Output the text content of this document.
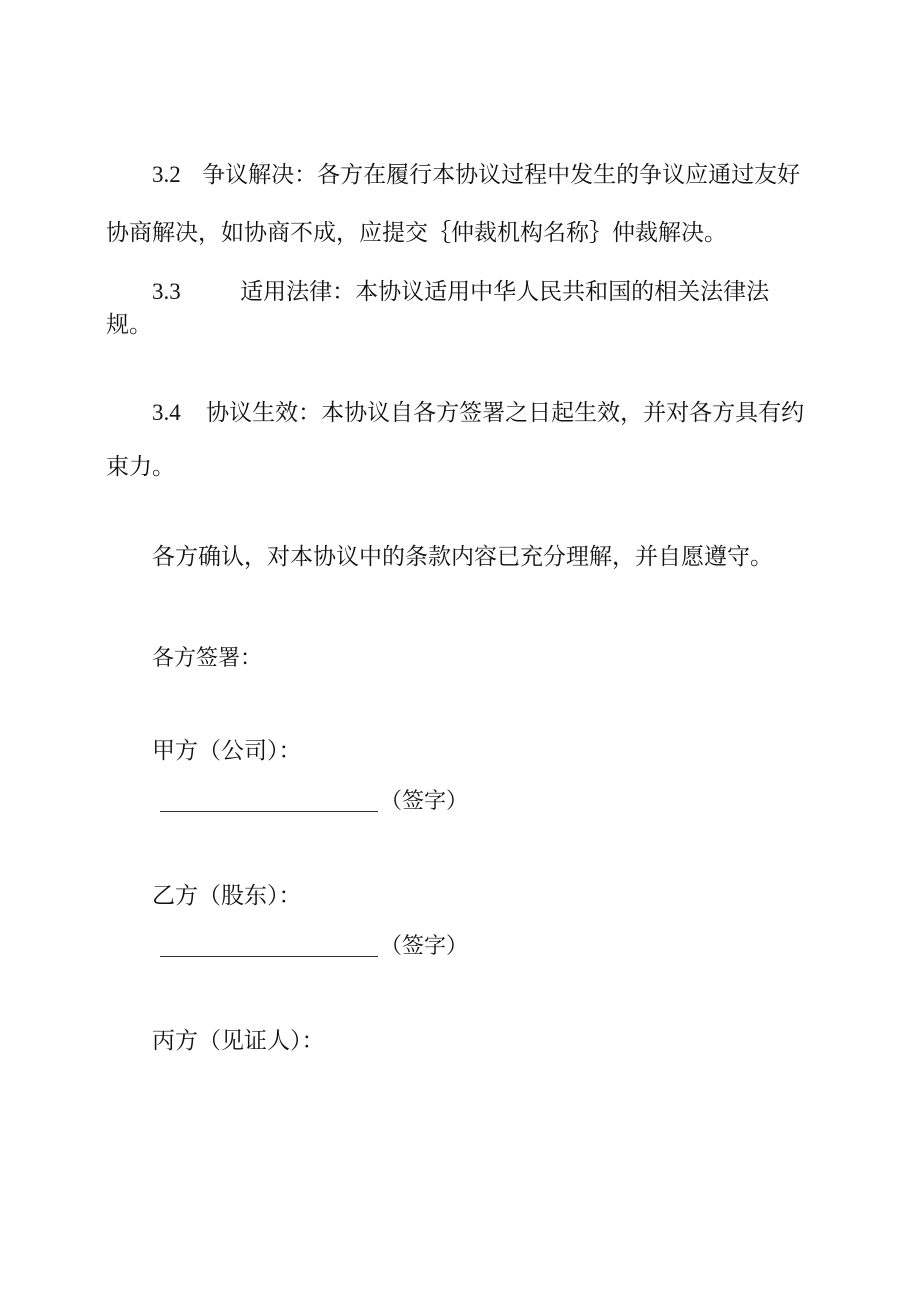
3.2 争议解决：各方在履行本协议过程中发生的争议应通过友好
协商解决，如协商不成，应提交｛仲裁机构名称｝仲裁解决。
3.3	适用法律：本协议适用中华人民共和国的相关法律法
规。
3.4 协议生效：本协议自各方签署之日起生效，并对各方具有约
束力。
各方确认，对本协议中的条款内容已充分理解，并自愿遵守。
各方签署：
甲方（公司）：
（签字）
乙方（股东）：
（签字）
丙方（见证人）：
